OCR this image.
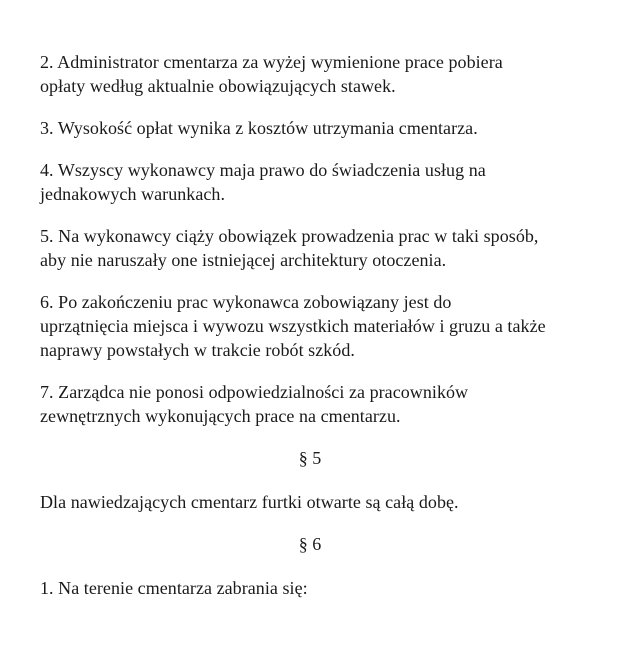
2. Administrator cmentarza za wyżej wymienione prace pobiera
opłaty według aktualnie obowiązujących stawek.

3. Wysokość opłat wynika z kosztów utrzymania cmentarza.

4. Wszyscy wykonawcy maja prawo do świadczenia usług na
jednakowych warunkach.

5. Na wykonawcy ciąży obowiązek prowadzenia prac w taki sposób,
aby nie naruszały one istniejącej architektury otoczenia.

6. Po zakończeniu prac wykonawca zobowiązany jest do
uprzątnięcia miejsca i wywozu wszystkich materiałów i gruzu a także
naprawy powstałych w trakcie robót szkód.

7. Zarządca nie ponosi odpowiedzialności za pracowników
zewnętrznych wykonujących prace na cmentarzu.

§ 5

Dla nawiedzających cmentarz furtki otwarte są całą dobę.

§ 6

1. Na terenie cmentarza zabrania się:
